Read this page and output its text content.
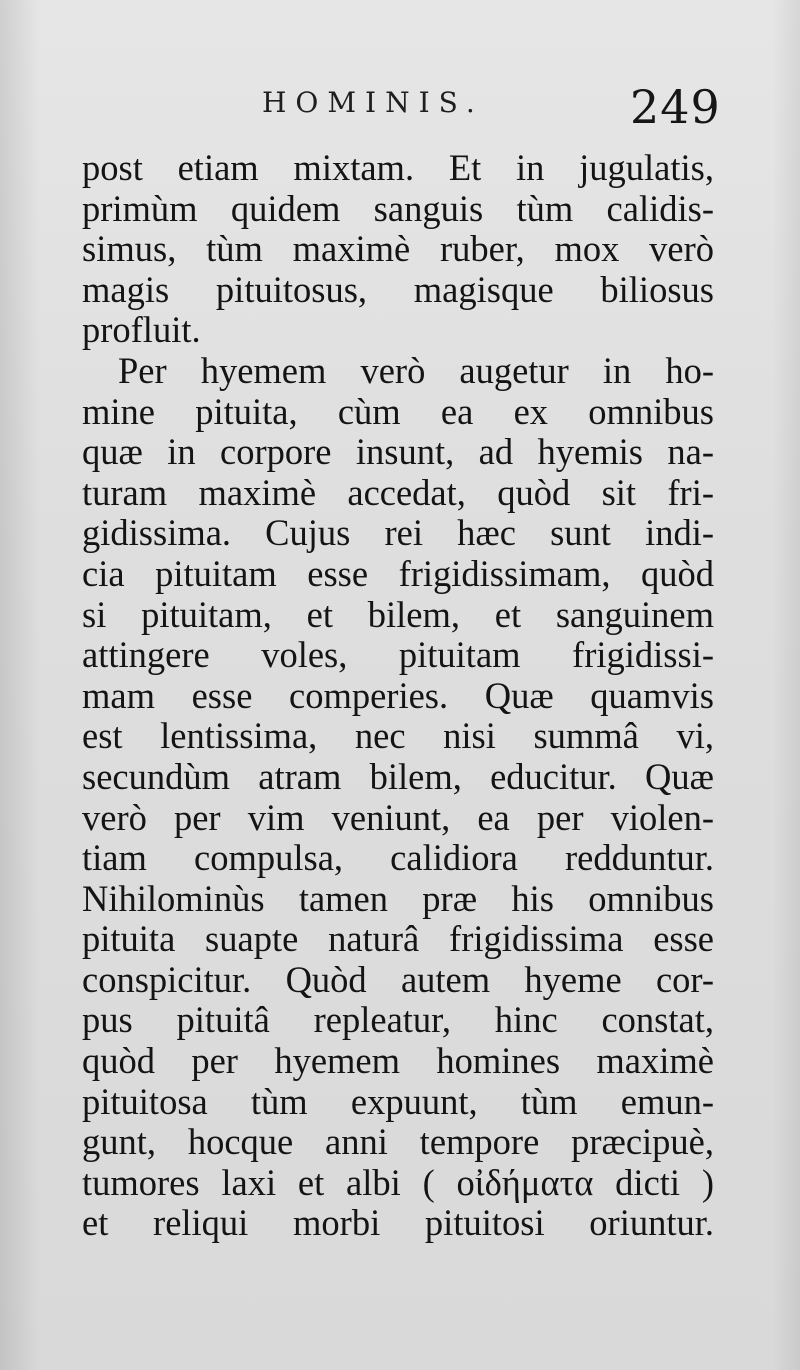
HOMINIS.	249
post etiam mixtam. Et in jugulatis,
primùm quidem sanguis tùm calidis-
simus, tùm maximè ruber, mox verò
magis pituitosus, magisque biliosus
profluit.
Per hyemem verò augetur in ho-
mine pituita, cùm ea ex omnibus
quæ in corpore insunt, ad hyemis na-
turam maximè accedat, quòd sit fri-
gidissima. Cujus rei hæc sunt indi-
cia pituitam esse frigidissimam, quòd
si pituitam, et bilem, et sanguinem
attingere voles, pituitam frigidissi-
mam esse comperies. Quæ quamvis
est lentissima, nec nisi summâ vi,
secundùm atram bilem, educitur. Quæ
verò per vim veniunt, ea per violen-
tiam compulsa, calidiora redduntur.
Nihilominùs tamen præ his omnibus
pituita suapte naturâ frigidissima esse
conspicitur. Quòd autem hyeme cor-
pus pituitâ repleatur, hinc constat,
quòd per hyemem homines maximè
pituitosa tùm expuunt, tùm emun-
gunt, hocque anni tempore præcipuè,
tumores laxi et albi ( οἰδήματα dicti )
et reliqui morbi pituitosi oriuntur.
